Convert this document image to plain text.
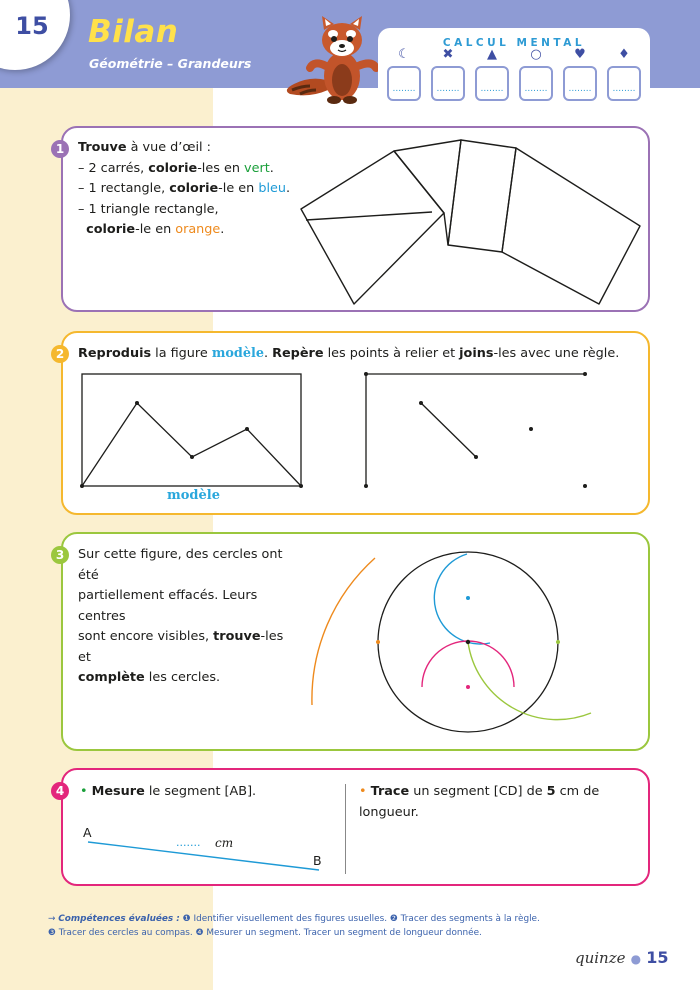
15 Bilan
Géométrie – Grandeurs
CALCUL MENTAL
☾	✖	▲	○	♥	♦
........	........	........	........	........	........
Trouve à vue d’œil :
– 2 carrés, colorie-les en vert.
– 1 rectangle, colorie-le en bleu.
– 1 triangle rectangle,
colorie-le en orange.
1
Reproduis la figure modèle. Repère les points à relier et joins-les avec une règle.
modèle
2
Sur cette figure, des cercles ont été
partiellement effacés. Leurs centres
sont encore visibles, trouve-les et
complète les cercles.
3
• Mesure le segment [AB].
A
B
....... cm
• Trace un segment [CD] de 5 cm de longueur.
4
→ Compétences évaluées : ❶ Identifier visuellement des figures usuelles. ❷ Tracer des segments à la règle.
❸ Tracer des cercles au compas. ❹ Mesurer un segment. Tracer un segment de longueur donnée.
quinze ● 15
